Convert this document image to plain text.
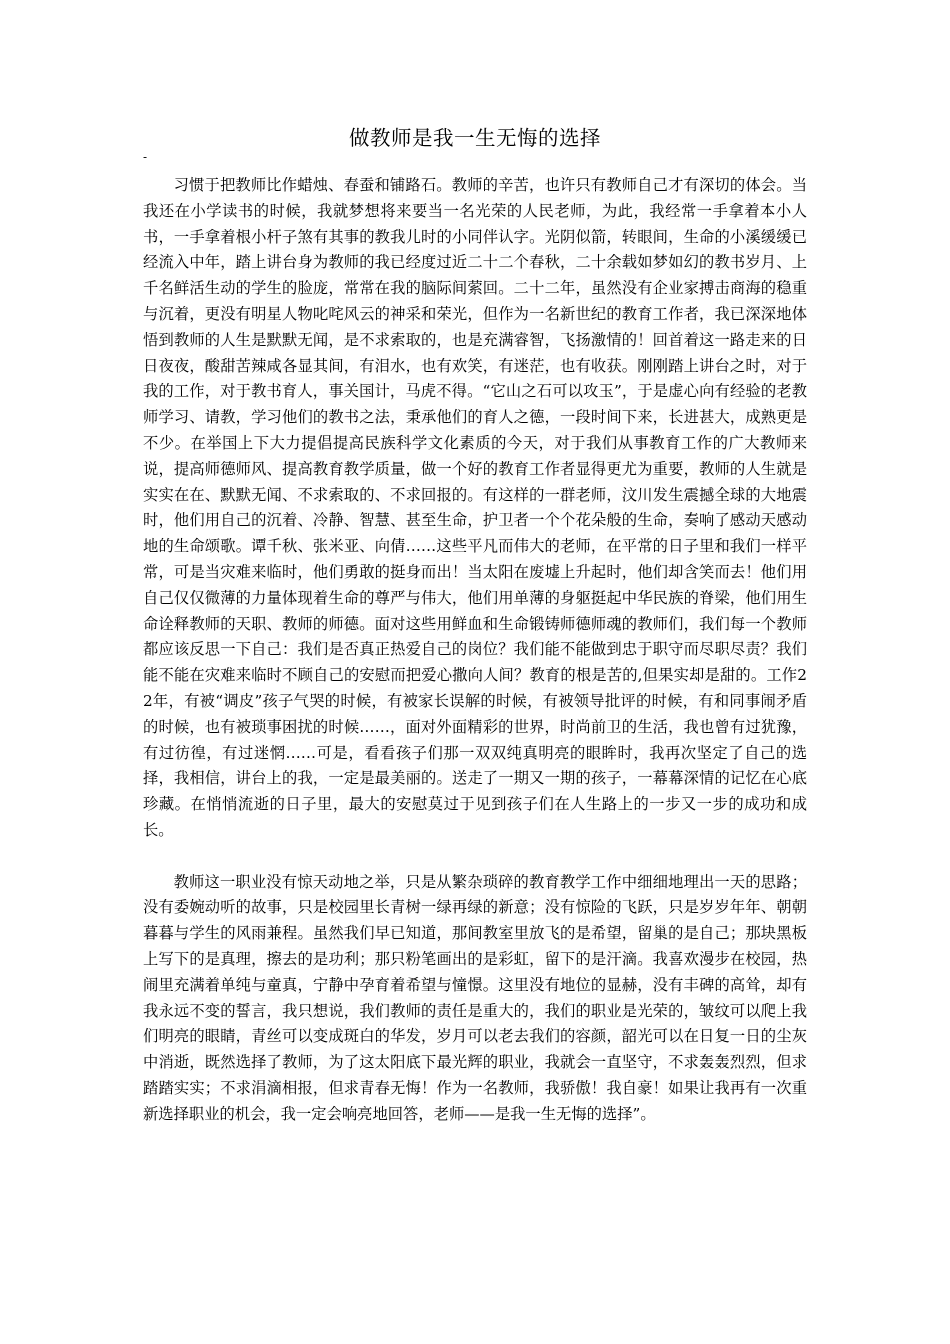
做教师是我一生无悔的选择
-

习惯于把教师比作蜡烛、春蚕和铺路石。教师的辛苦，也许只有教师自己才有深切的体会。当我还在小学读书的时候，我就梦想将来要当一名光荣的人民老师，为此，我经常一手拿着本小人书，一手拿着根小杆子煞有其事的教我儿时的小同伴认字。光阴似箭，转眼间，生命的小溪缓缓已经流入中年，踏上讲台身为教师的我已经度过近二十二个春秋，二十余载如梦如幻的教书岁月、上千名鲜活生动的学生的脸庞，常常在我的脑际间萦回。二十二年，虽然没有企业家搏击商海的稳重与沉着，更没有明星人物叱咤风云的神采和荣光，但作为一名新世纪的教育工作者，我已深深地体悟到教师的人生是默默无闻，是不求索取的，也是充满睿智，飞扬激情的！回首着这一路走来的日日夜夜，酸甜苦辣咸各显其间，有泪水，也有欢笑，有迷茫，也有收获。刚刚踏上讲台之时，对于我的工作，对于教书育人，事关国计，马虎不得。“它山之石可以攻玉”，于是虚心向有经验的老教师学习、请教，学习他们的教书之法，秉承他们的育人之德，一段时间下来，长进甚大，成熟更是不少。在举国上下大力提倡提高民族科学文化素质的今天，对于我们从事教育工作的广大教师来说，提高师德师风、提高教育教学质量，做一个好的教育工作者显得更尤为重要，教师的人生就是实实在在、默默无闻、不求索取的、不求回报的。有这样的一群老师，汶川发生震撼全球的大地震时，他们用自己的沉着、冷静、智慧、甚至生命，护卫者一个个花朵般的生命，奏响了感动天感动地的生命颂歌。谭千秋、张米亚、向倩……这些平凡而伟大的老师，在平常的日子里和我们一样平常，可是当灾难来临时，他们勇敢的挺身而出！当太阳在废墟上升起时，他们却含笑而去！他们用自己仅仅微薄的力量体现着生命的尊严与伟大，他们用单薄的身躯挺起中华民族的脊梁，他们用生命诠释教师的天职、教师的师德。面对这些用鲜血和生命锻铸师德师魂的教师们，我们每一个教师都应该反思一下自己：我们是否真正热爱自己的岗位？我们能不能做到忠于职守而尽职尽责？我们能不能在灾难来临时不顾自己的安慰而把爱心撒向人间？教育的根是苦的,但果实却是甜的。工作22年，有被“调皮”孩子气哭的时候，有被家长误解的时候，有被领导批评的时候，有和同事闹矛盾的时候，也有被琐事困扰的时候……，面对外面精彩的世界，时尚前卫的生活，我也曾有过犹豫，有过彷徨，有过迷惘……可是，看看孩子们那一双双纯真明亮的眼眸时，我再次坚定了自己的选择，我相信，讲台上的我，一定是最美丽的。送走了一期又一期的孩子，一幕幕深情的记忆在心底珍藏。在悄悄流逝的日子里，最大的安慰莫过于见到孩子们在人生路上的一步又一步的成功和成长。

教师这一职业没有惊天动地之举，只是从繁杂琐碎的教育教学工作中细细地理出一天的思路；没有委婉动听的故事，只是校园里长青树一绿再绿的新意；没有惊险的飞跃，只是岁岁年年、朝朝暮暮与学生的风雨兼程。虽然我们早已知道，那间教室里放飞的是希望，留巢的是自己；那块黑板上写下的是真理，擦去的是功利；那只粉笔画出的是彩虹，留下的是汗滴。我喜欢漫步在校园，热闹里充满着单纯与童真，宁静中孕育着希望与憧憬。这里没有地位的显赫，没有丰碑的高耸，却有我永远不变的誓言，我只想说，我们教师的责任是重大的，我们的职业是光荣的，皱纹可以爬上我们明亮的眼睛，青丝可以变成斑白的华发，岁月可以老去我们的容颜，韶光可以在日复一日的尘灰中消逝，既然选择了教师，为了这太阳底下最光辉的职业，我就会一直坚守，不求轰轰烈烈，但求踏踏实实；不求涓滴相报，但求青春无悔！作为一名教师，我骄傲！我自豪！如果让我再有一次重新选择职业的机会，我一定会响亮地回答，老师——是我一生无悔的选择”。
